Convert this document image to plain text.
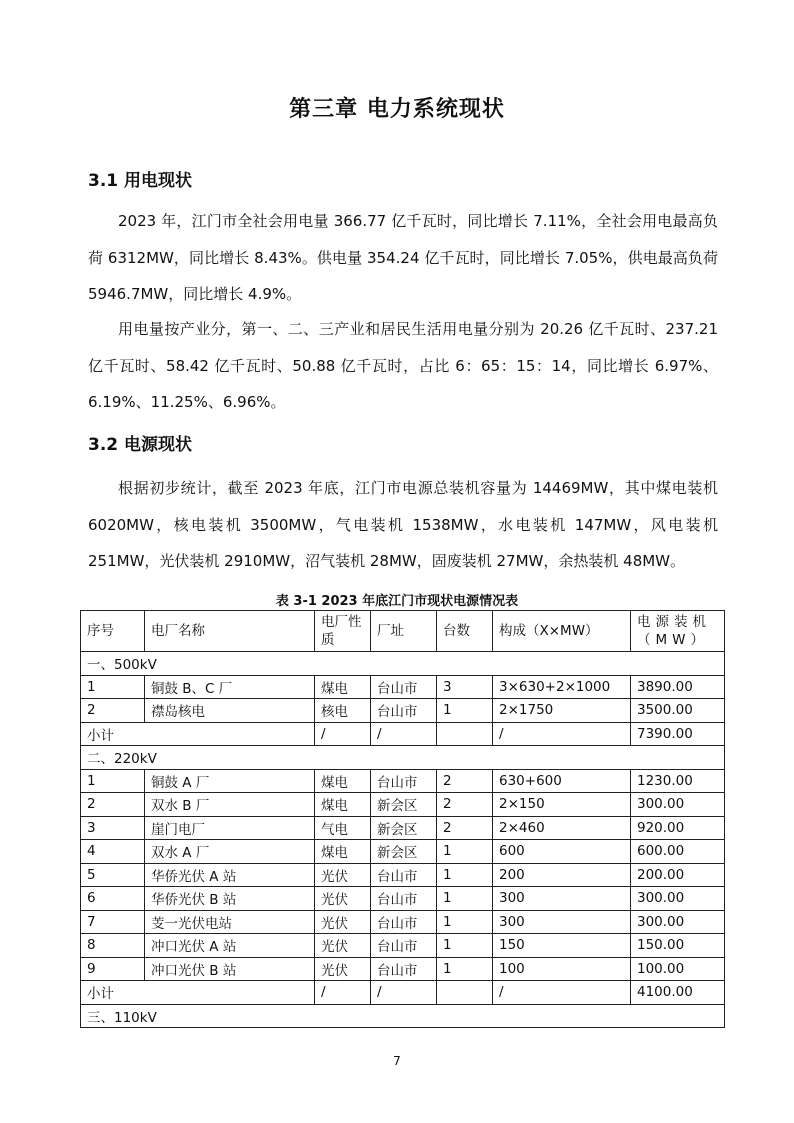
第三章 电力系统现状
3.1 用电现状

2023 年，江门市全社会用电量 366.77 亿千瓦时，同比增长 7.11%，全社会用电最高负荷 6312MW，同比增长 8.43%。供电量 354.24 亿千瓦时，同比增长 7.05%，供电最高负荷 5946.7MW，同比增长 4.9%。

用电量按产业分，第一、二、三产业和居民生活用电量分别为 20.26 亿千瓦时、237.21 亿千瓦时、58.42 亿千瓦时、50.88 亿千瓦时，占比 6：65：15：14，同比增长 6.97%、6.19%、11.25%、6.96%。

3.2 电源现状

根据初步统计，截至 2023 年底，江门市电源总装机容量为 14469MW，其中煤电装机 6020MW，核电装机 3500MW，气电装机 1538MW，水电装机 147MW，风电装机 251MW，光伏装机 2910MW，沼气装机 28MW，固废装机 27MW，余热装机 48MW。

表 3-1 2023 年底江门市现状电源情况表
序号	电厂名称	电厂性质	厂址	台数	构成（X×MW）	电源装机（MW）
一、500kV						
1	铜鼓 B、C 厂	煤电	台山市	3	3×630+2×1000	3890.00
2	襟岛核电	核电	台山市	1	2×1750	3500.00
小计		/	/		/	7390.00
二、220kV						
1	铜鼓 A 厂	煤电	台山市	2	630+600	1230.00
2	双水 B 厂	煤电	新会区	2	2×150	300.00
3	崖门电厂	气电	新会区	2	2×460	920.00
4	双水 A 厂	煤电	新会区	1	600	600.00
5	华侨光伏 A 站	光伏	台山市	1	200	200.00
6	华侨光伏 B 站	光伏	台山市	1	300	300.00
7	芰一光伏电站	光伏	台山市	1	300	300.00
8	冲口光伏 A 站	光伏	台山市	1	150	150.00
9	冲口光伏 B 站	光伏	台山市	1	100	100.00
小计		/	/		/	4100.00
三、110kV						
7
